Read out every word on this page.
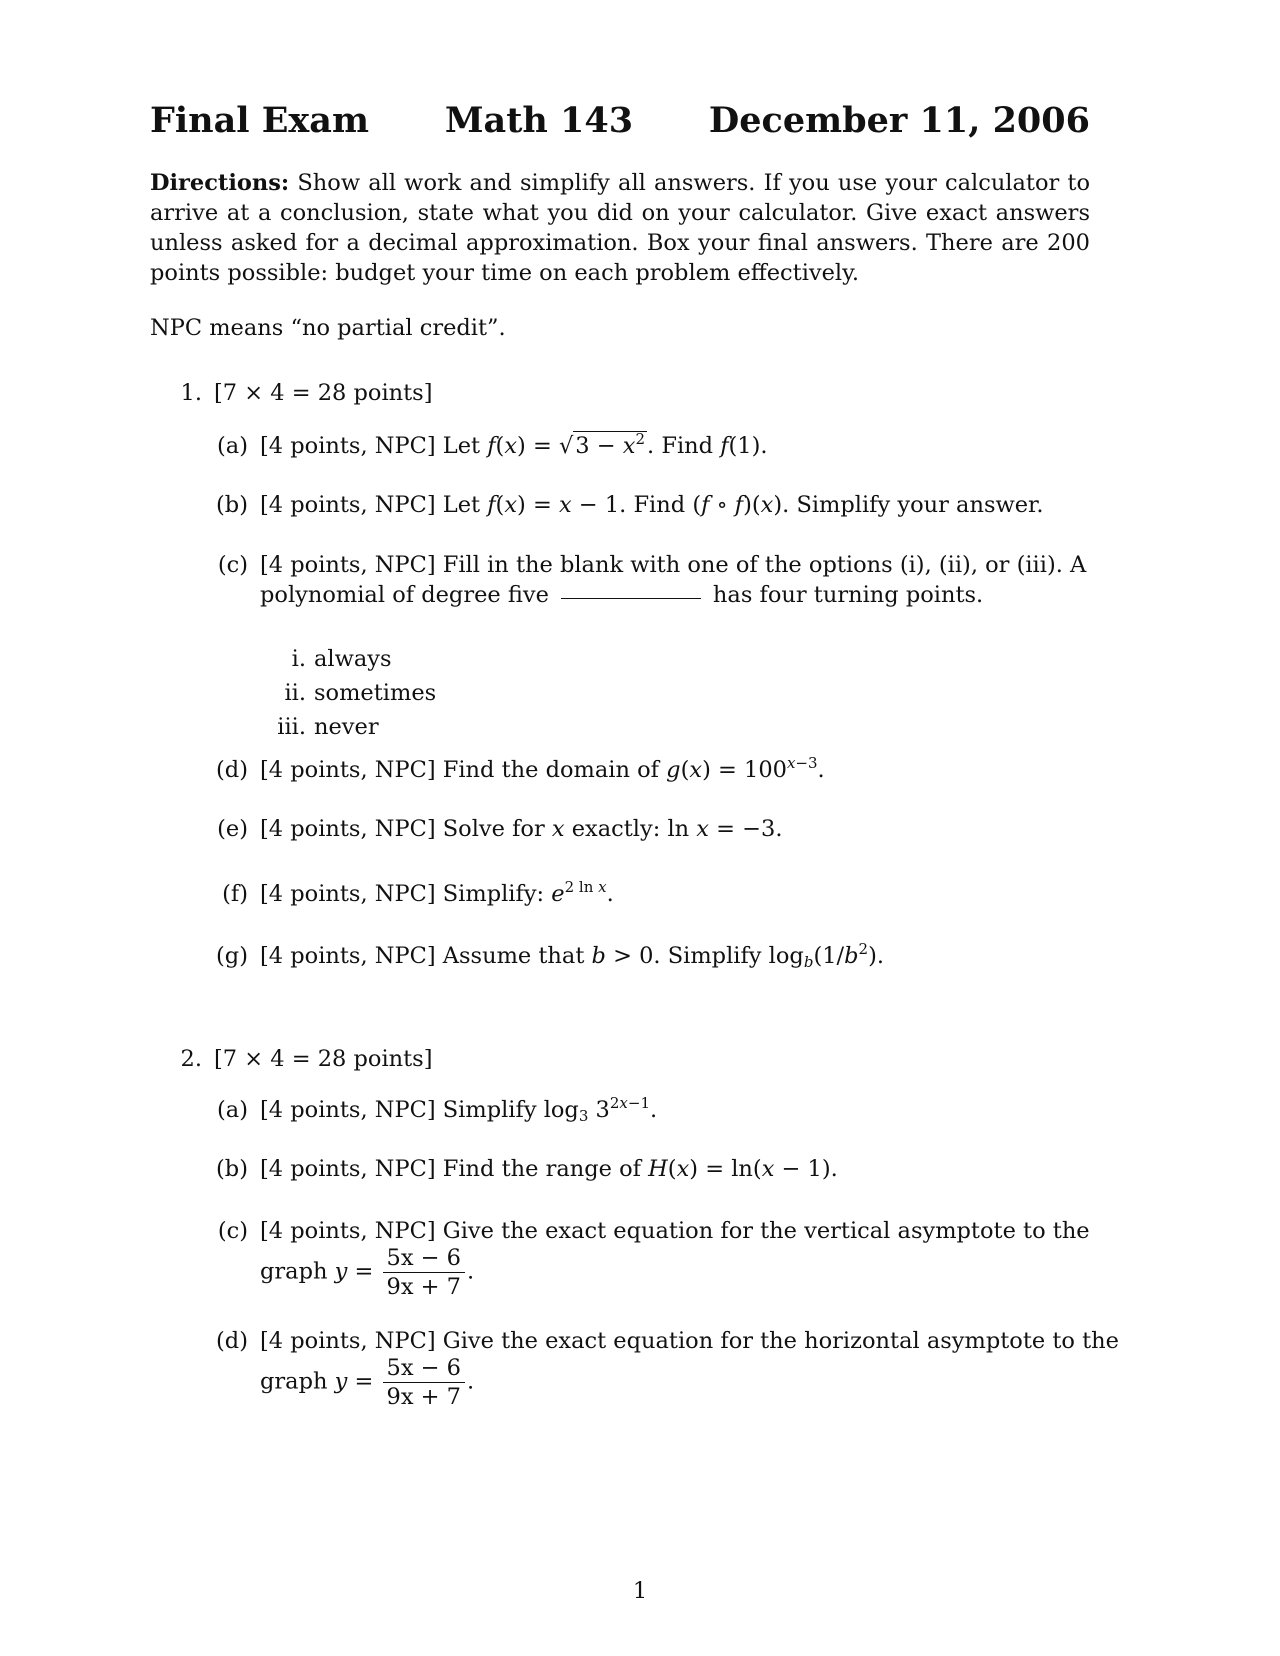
Final Exam Math 143 December 11, 2006
Directions: Show all work and simplify all answers. If you use your calculator to arrive at a conclusion, state what you did on your calculator. Give exact answers unless asked for a decimal approximation. Box your final answers. There are 200 points possible: budget your time on each problem effectively.
NPC means “no partial credit”.
1. [7 × 4 = 28 points]
(a) [4 points, NPC] Let $f(x) = √3 - x^2$. Find f(1).
(b) [4 points, NPC] Let f(x) = x − 1. Find (f ∘ f)(x). Simplify your answer.
(c) [4 points, NPC] Fill in the blank with one of the options (i), (ii), or (iii). A
polynomial of degree five	has four turning points.
i. always
ii. sometimes
iii. never
(d) [4 points, NPC] Find the domain of $g(x) = 100^{x-3}$.
(e) [4 points, NPC] Solve for x exactly: ln x = −3.
(f) [4 points, NPC] Simplify: $e^{2 ln x}$.
(g) [4 points, NPC] Assume that b > 0. Simplify $\log_b(1/b^2)$.
2. [7 × 4 = 28 points]
(a) [4 points, NPC] Simplify $\log_3 3^{2x-1}$.
(b) [4 points, NPC] Find the range of H(x) = ln(x − 1).
(c) [4 points, NPC] Give the exact equation for the vertical asymptote to the
graph $y = \frac{5x - 6}{9x + 7}$ .
(d) [4 points, NPC] Give the exact equation for the horizontal asymptote to the
graph $y = \frac{5x - 6}{9x + 7}$ .
1
